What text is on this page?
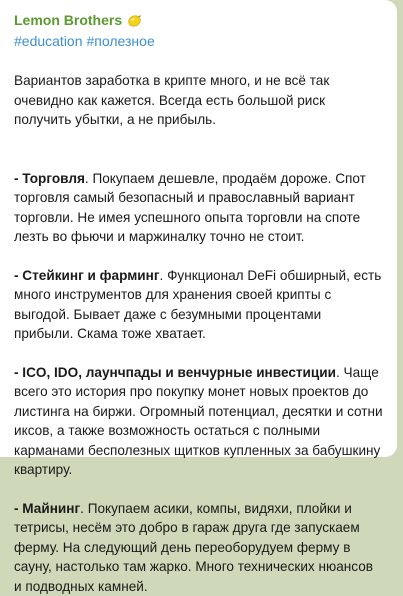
Lemon Brothers
#education #полезное

Вариантов заработка в крипте много, и не всё так очевидно как кажется. Всегда есть большой риск получить убытки, а не прибыль.

- Торговля. Покупаем дешевле, продаём дороже. Спот торговля самый безопасный и православный вариант торговли. Не имея успешного опыта торговли на споте лезть во фьючи и маржиналку точно не стоит.

- Стейкинг и фарминг. Функционал DeFi обширный, есть много инструментов для хранения своей крипты с выгодой. Бывает даже с безумными процентами прибыли. Скама тоже хватает.

- ICO, IDO, лаунчпады и венчурные инвестиции. Чаще всего это история про покупку монет новых проектов до листинга на биржи. Огромный потенциал, десятки и сотни иксов, а также возможность остаться с полными карманами бесполезных щитков купленных за бабушкину квартиру.

- Майнинг. Покупаем асики, компы, видяхи, плойки и тетрисы, несём это добро в гараж друга где запускаем ферму. На следующий день переоборудуем ферму в сауну, настолько там жарко. Много технических нюансов и подводных камней.
